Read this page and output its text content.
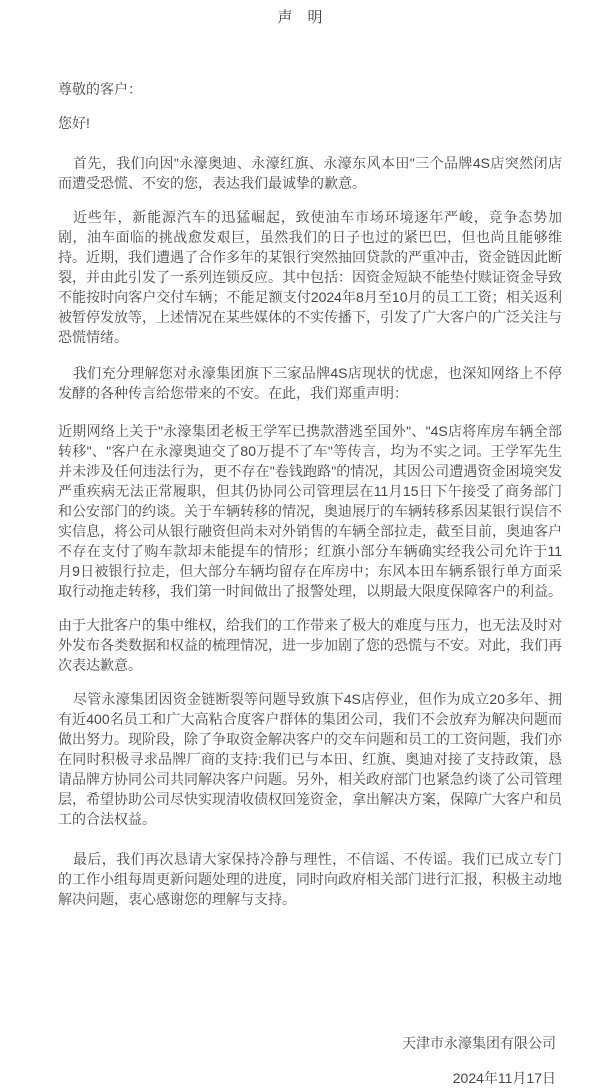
声　明

尊敬的客户：

您好!

首先，我们向因"永濠奥迪、永濠红旗、永濠东风本田"三个品牌4S店突然闭店而遭受恐慌、不安的您，表达我们最诚挚的歉意。

近些年，新能源汽车的迅猛崛起，致使油车市场环境逐年严峻，竞争态势加剧，油车面临的挑战愈发艰巨，虽然我们的日子也过的紧巴巴，但也尚且能够维持。近期，我们遭遇了合作多年的某银行突然抽回贷款的严重冲击，资金链因此断裂，并由此引发了一系列连锁反应。其中包括：因资金短缺不能垫付赎证资金导致不能按时向客户交付车辆；不能足额支付2024年8月至10月的员工工资；相关返利被暂停发放等，上述情况在某些媒体的不实传播下，引发了广大客户的广泛关注与恐慌情绪。

我们充分理解您对永濠集团旗下三家品牌4S店现状的忧虑，也深知网络上不停发酵的各种传言给您带来的不安。在此，我们郑重声明：

近期网络上关于"永濠集团老板王学军已携款潜逃至国外"、"4S店将库房车辆全部转移"、"客户在永濠奥迪交了80万提不了车"等传言，均为不实之词。王学军先生并未涉及任何违法行为，更不存在"卷钱跑路"的情况，其因公司遭遇资金困境突发严重疾病无法正常履职，但其仍协同公司管理层在11月15日下午接受了商务部门和公安部门的约谈。关于车辆转移的情况，奥迪展厅的车辆转移系因某银行误信不实信息，将公司从银行融资但尚未对外销售的车辆全部拉走，截至目前，奥迪客户不存在支付了购车款却未能提车的情形；红旗小部分车辆确实经我公司允许于11月9日被银行拉走，但大部分车辆均留存在库房中；东风本田车辆系银行单方面采取行动拖走转移，我们第一时间做出了报警处理，以期最大限度保障客户的利益。

由于大批客户的集中维权，给我们的工作带来了极大的难度与压力，也无法及时对外发布各类数据和权益的梳理情况，进一步加剧了您的恐慌与不安。对此，我们再次表达歉意。

尽管永濠集团因资金链断裂等问题导致旗下4S店停业，但作为成立20多年、拥有近400名员工和广大高粘合度客户群体的集团公司，我们不会放弃为解决问题而做出努力。现阶段，除了争取资金解决客户的交车问题和员工的工资问题，我们亦在同时积极寻求品牌厂商的支持:我们已与本田、红旗、奥迪对接了支持政策，恳请品牌方协同公司共同解决客户问题。另外，相关政府部门也紧急约谈了公司管理层，希望协助公司尽快实现清收债权回笼资金，拿出解决方案，保障广大客户和员工的合法权益。

最后，我们再次恳请大家保持冷静与理性，不信谣、不传谣。我们已成立专门的工作小组每周更新问题处理的进度，同时向政府相关部门进行汇报，积极主动地解决问题，衷心感谢您的理解与支持。

天津市永濠集团有限公司

2024年11月17日
